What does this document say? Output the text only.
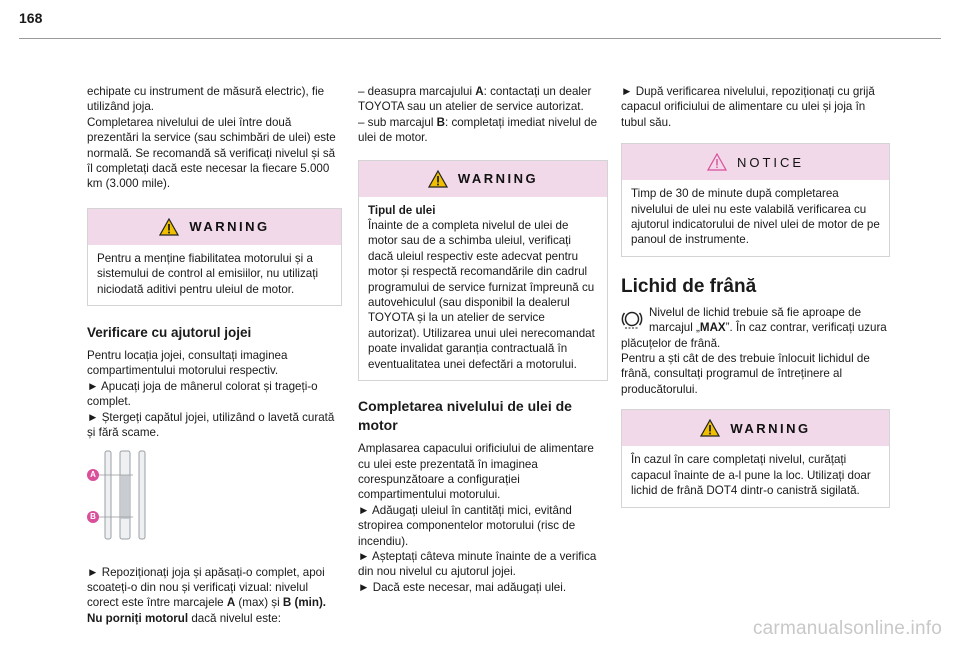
168

echipate cu instrument de măsură electric), fie utilizând joja.

Completarea nivelului de ulei între două prezentări la service (sau schimbări de ulei) este normală. Se recomandă să verificați nivelul și să îl completați dacă este necesar la fiecare 5.000 km (3.000 mile).

WARNING

Pentru a menține fiabilitatea motorului și a sistemului de control al emisiilor, nu utilizați niciodată aditivi pentru uleiul de motor.

Verificare cu ajutorul jojei

Pentru locația jojei, consultați imaginea compartimentului motorului respectiv.

► Apucați joja de mânerul colorat și trageți-o complet.

► Ștergeți capătul jojei, utilizând o lavetă curată și fără scame.

A
B

► Repoziționați joja și apăsați-o complet, apoi scoateți-o din nou și verificați vizual: nivelul corect este între marcajele A (max) și B (min).
Nu porniți motorul dacă nivelul este:

– deasupra marcajului A: contactați un dealer TOYOTA sau un atelier de service autorizat.

– sub marcajul B: completați imediat nivelul de ulei de motor.

WARNING

Tipul de ulei

Înainte de a completa nivelul de ulei de motor sau de a schimba uleiul, verificați dacă uleiul respectiv este adecvat pentru motor și respectă recomandările din cadrul programului de service furnizat împreună cu autovehiculul (sau disponibil la dealerul TOYOTA și la un atelier de service autorizat). Utilizarea unui ulei nerecomandat poate invalidat garanția contractuală în eventualitatea unei defectări a motorului.

Completarea nivelului de ulei de motor

Amplasarea capacului orificiului de alimentare cu ulei este prezentată în imaginea corespunzătoare a configurației compartimentului motorului.

► Adăugați uleiul în cantități mici, evitând stropirea componentelor motorului (risc de incendiu).

► Așteptați câteva minute înainte de a verifica din nou nivelul cu ajutorul jojei.

► Dacă este necesar, mai adăugați ulei.

► După verificarea nivelului, repoziționați cu grijă capacul orificiului de alimentare cu ulei și joja în tubul său.

NOTICE

Timp de 30 de minute după completarea nivelului de ulei nu este valabilă verificarea cu ajutorul indicatorului de nivel ulei de motor de pe panoul de instrumente.

Lichid de frână

Nivelul de lichid trebuie să fie aproape de marcajul „MAX”. În caz contrar, verificați uzura plăcuțelor de frână.

Pentru a ști cât de des trebuie înlocuit lichidul de frână, consultați programul de întreținere al producătorului.

WARNING

În cazul în care completați nivelul, curățați capacul înainte de a-l pune la loc. Utilizați doar lichid de frână DOT4 dintr-o canistră sigilată.

carmanualsonline.info
